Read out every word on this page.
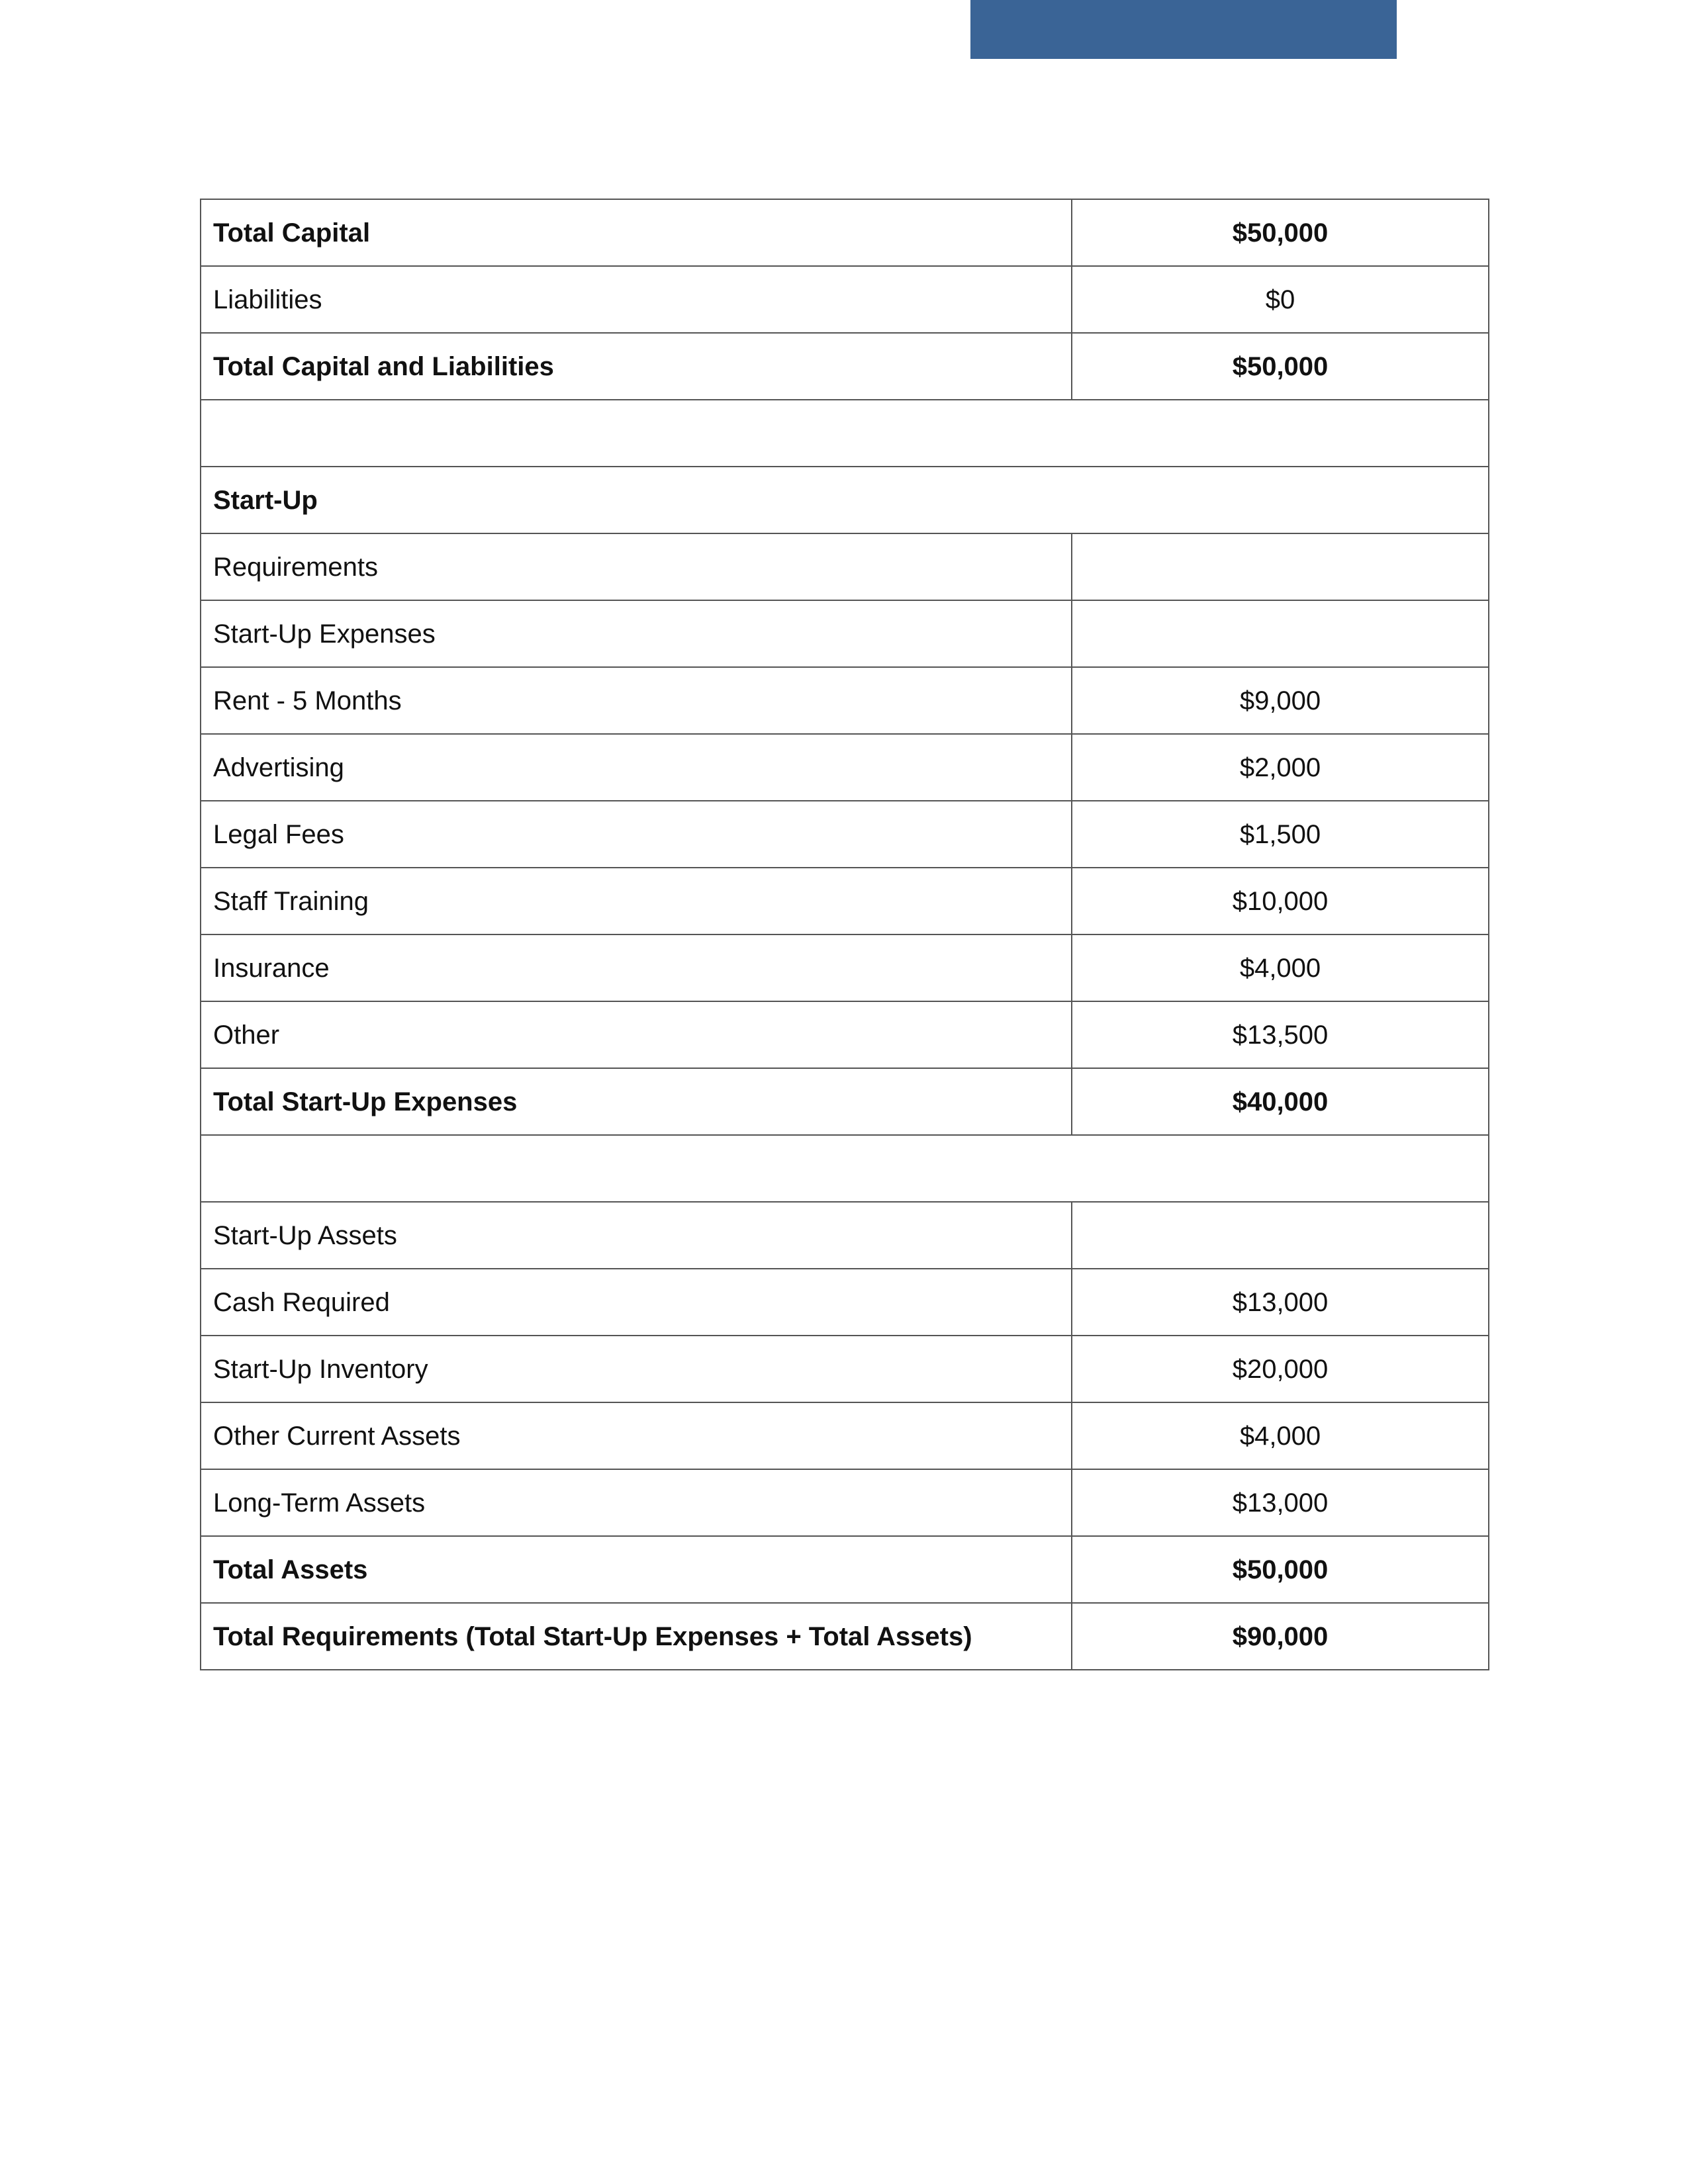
Total Capital	$50,000
Liabilities	$0
Total Capital and Liabilities	$50,000

Start-Up	
Requirements	
Start-Up Expenses	
Rent - 5 Months	$9,000
Advertising	$2,000
Legal Fees	$1,500
Staff Training	$10,000
Insurance	$4,000
Other	$13,500
Total Start-Up Expenses	$40,000

Start-Up Assets	
Cash Required	$13,000
Start-Up Inventory	$20,000
Other Current Assets	$4,000
Long-Term Assets	$13,000
Total Assets	$50,000
Total Requirements (Total Start-Up Expenses + Total Assets)	$90,000
